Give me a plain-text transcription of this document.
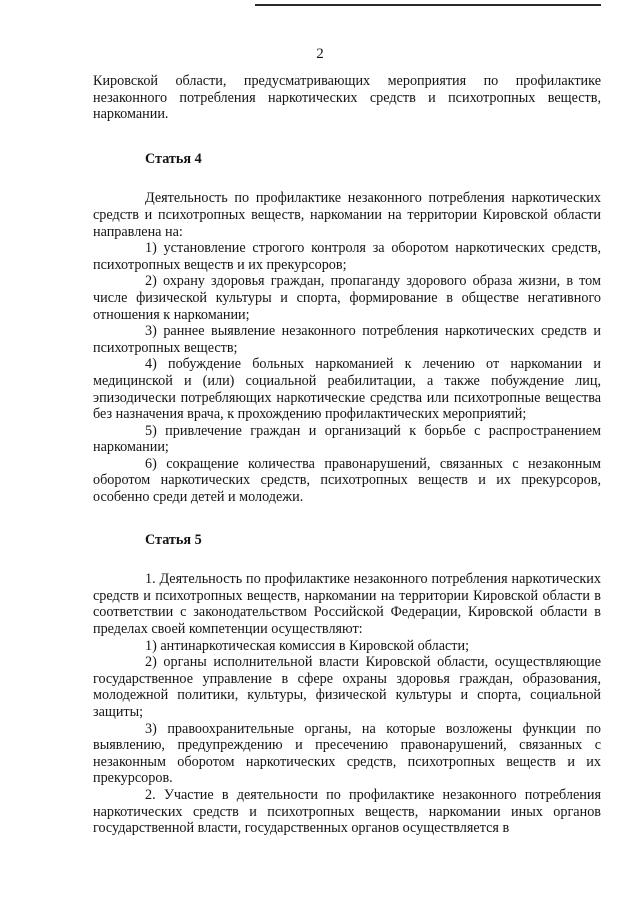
2

Кировской области, предусматривающих мероприятия по профилактике незаконного потребления наркотических средств и психотропных веществ, наркомании.

Статья 4

Деятельность по профилактике незаконного потребления наркотических средств и психотропных веществ, наркомании на территории Кировской области направлена на:

1) установление строгого контроля за оборотом наркотических средств, психотропных веществ и их прекурсоров;

2) охрану здоровья граждан, пропаганду здорового образа жизни, в том числе физической культуры и спорта, формирование в обществе негативного отношения к наркомании;

3) раннее выявление незаконного потребления наркотических средств и психотропных веществ;

4) побуждение больных наркоманией к лечению от наркомании и медицинской и (или) социальной реабилитации, а также побуждение лиц, эпизодически потребляющих наркотические средства или психотропные вещества без назначения врача, к прохождению профилактических мероприятий;

5) привлечение граждан и организаций к борьбе с распространением наркомании;

6) сокращение количества правонарушений, связанных с незаконным оборотом наркотических средств, психотропных веществ и их прекурсоров, особенно среди детей и молодежи.

Статья 5

1. Деятельность по профилактике незаконного потребления наркотических средств и психотропных веществ, наркомании на территории Кировской области в соответствии с законодательством Российской Федерации, Кировской области в пределах своей компетенции осуществляют:

1) антинаркотическая комиссия в Кировской области;

2) органы исполнительной власти Кировской области, осуществляющие государственное управление в сфере охраны здоровья граждан, образования, молодежной политики, культуры, физической культуры и спорта, социальной защиты;

3) правоохранительные органы, на которые возложены функции по выявлению, предупреждению и пресечению правонарушений, связанных с незаконным оборотом наркотических средств, психотропных веществ и их прекурсоров.

2. Участие в деятельности по профилактике незаконного потребления наркотических средств и психотропных веществ, наркомании иных органов государственной власти, государственных органов осуществляется в
